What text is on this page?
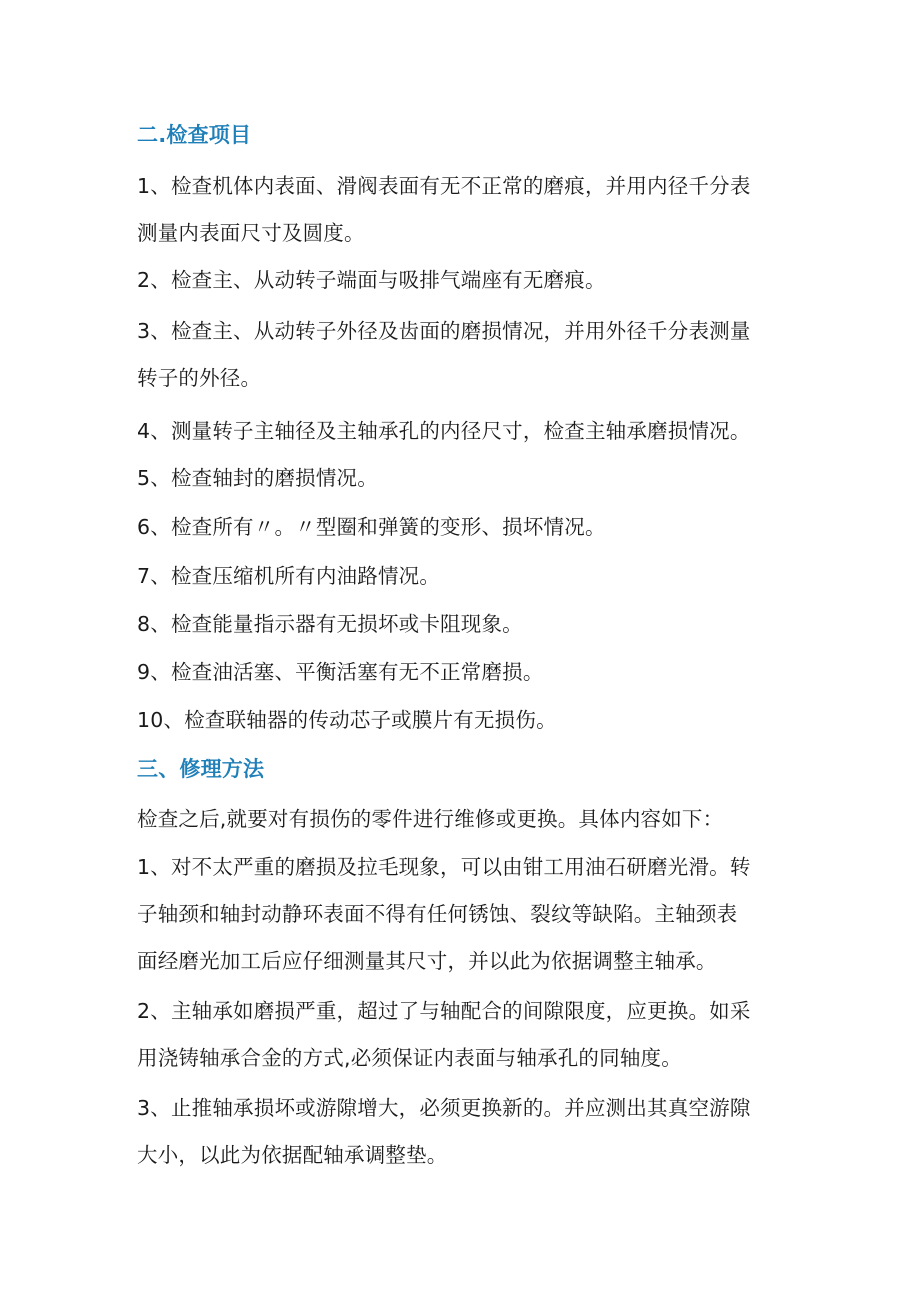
二.检查项目
1、检查机体内表面、滑阀表面有无不正常的磨痕，并用内径千分表
测量内表面尺寸及圆度。
2、检查主、从动转子端面与吸排气端座有无磨痕。
3、检查主、从动转子外径及齿面的磨损情况，并用外径千分表测量
转子的外径。
4、测量转子主轴径及主轴承孔的内径尺寸，检查主轴承磨损情况。
5、检查轴封的磨损情况。
6、检查所有〃。〃型圈和弹簧的变形、损坏情况。
7、检查压缩机所有内油路情况。
8、检查能量指示器有无损坏或卡阻现象。
9、检查油活塞、平衡活塞有无不正常磨损。
10、检查联轴器的传动芯子或膜片有无损伤。
三、修理方法
检查之后,就要对有损伤的零件进行维修或更换。具体内容如下：
1、对不太严重的磨损及拉毛现象，可以由钳工用油石研磨光滑。转
子轴颈和轴封动静环表面不得有任何锈蚀、裂纹等缺陷。主轴颈表
面经磨光加工后应仔细测量其尺寸，并以此为依据调整主轴承。
2、主轴承如磨损严重，超过了与轴配合的间隙限度，应更换。如采
用浇铸轴承合金的方式,必须保证内表面与轴承孔的同轴度。
3、止推轴承损坏或游隙增大，必须更换新的。并应测出其真空游隙
大小，以此为依据配轴承调整垫。
